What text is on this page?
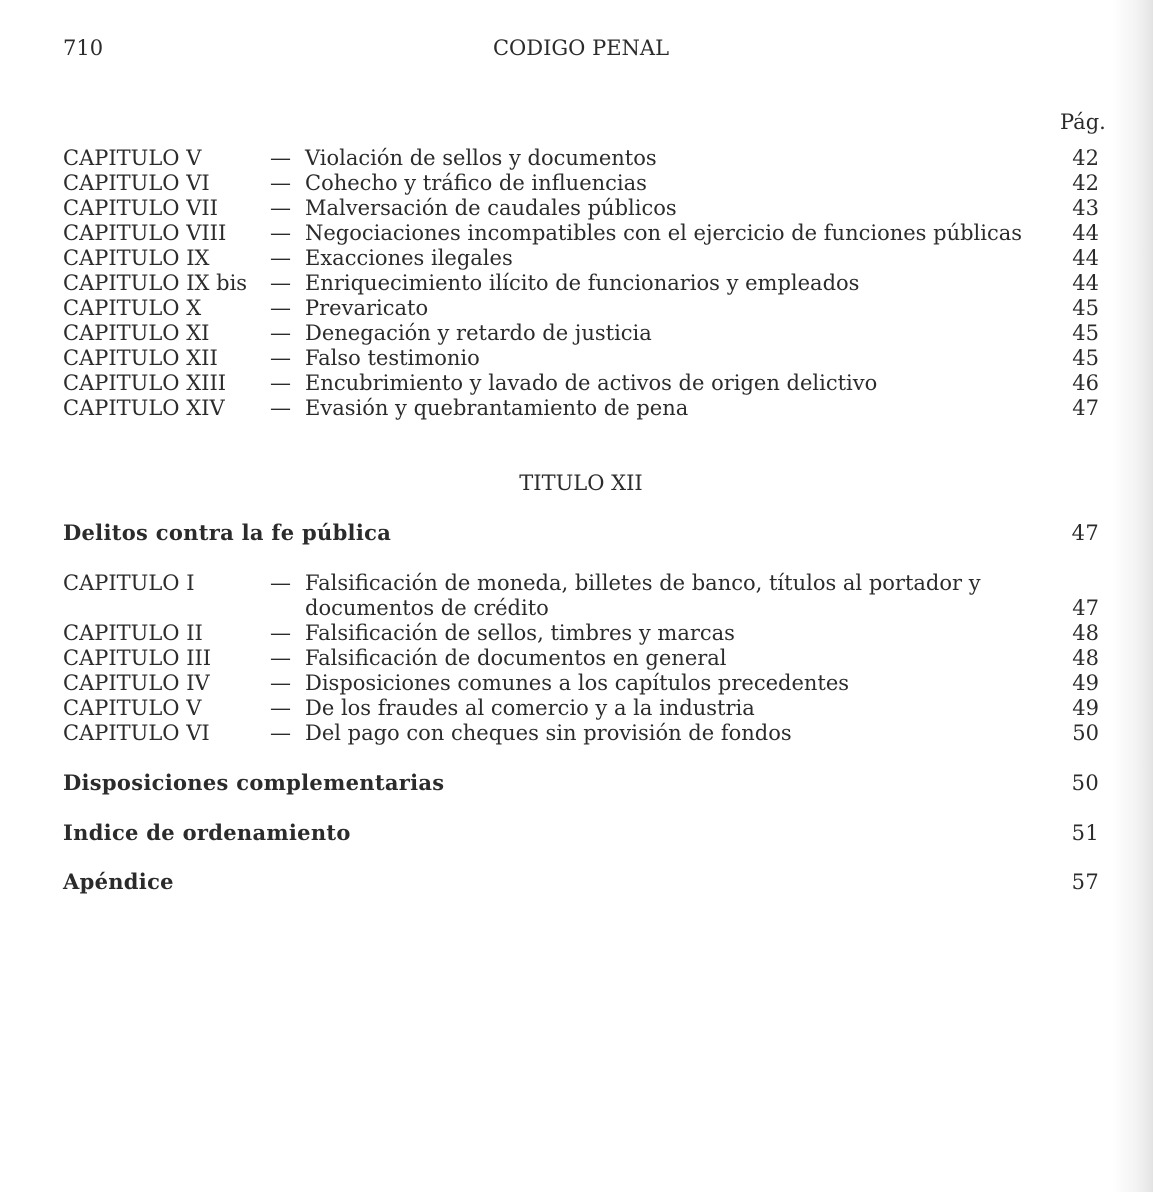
710	CODIGO PENAL
Pág.
CAPITULO V	— Violación de sellos y documentos	42
CAPITULO VI	— Cohecho y tráfico de influencias	42
CAPITULO VII — Malversación de caudales públicos	43
CAPITULO VIII — Negociaciones incompatibles con el ejercicio de funciones públicas 44
CAPITULO IX	— Exacciones ilegales	44
CAPITULO IX bis — Enriquecimiento ilícito de funcionarios y empleados	44
CAPITULO X	— Prevaricato	45
CAPITULO XI	— Denegación y retardo de justicia	45
CAPITULO XII — Falso testimonio	45
CAPITULO XIII — Encubrimiento y lavado de activos de origen delictivo	46
CAPITULO XIV — Evasión y quebrantamiento de pena	47
TITULO XII
Delitos contra la fe pública	47
CAPITULO I	— Falsificación de moneda, billetes de banco, títulos al portador y
documentos de crédito	47
CAPITULO II	— Falsificación de sellos, timbres y marcas	48
CAPITULO III	— Falsificación de documentos en general	48
CAPITULO IV	— Disposiciones comunes a los capítulos precedentes	49
CAPITULO V	— De los fraudes al comercio y a la industria	49
CAPITULO VI	— Del pago con cheques sin provisión de fondos	50
Disposiciones complementarias	50
Indice de ordenamiento	51
Apéndice	57
